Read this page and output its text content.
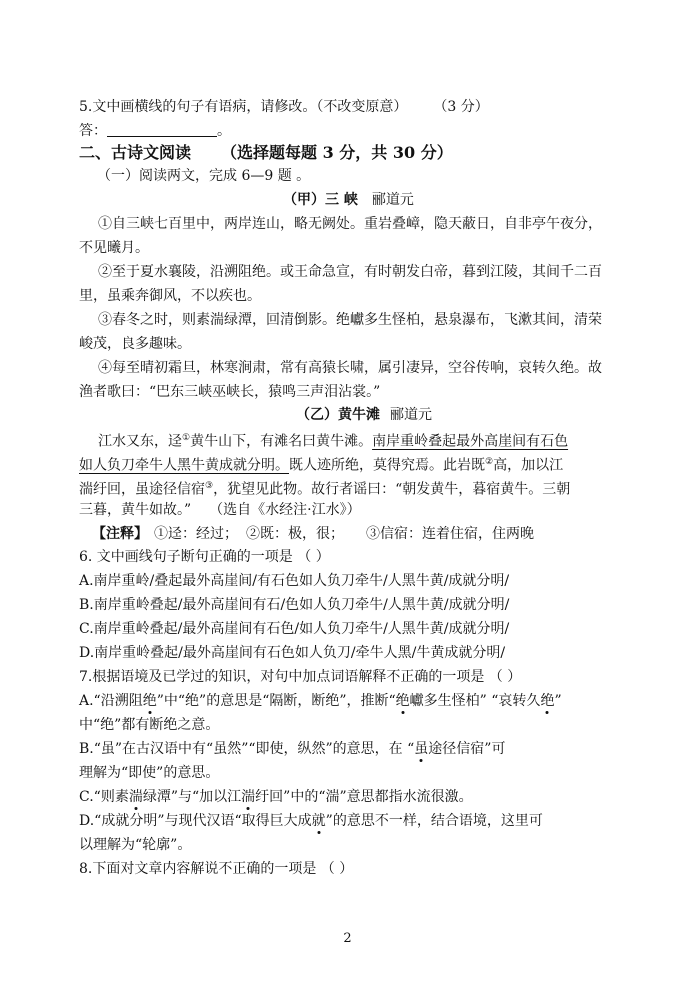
5.文中画横线的句子有语病，请修改。（不改变原意） （3 分）
答：	。
二、古诗文阅读 （选择题每题 3 分，共 30 分）
（一）阅读两文，完成 6—9 题 。
（甲）三 峡 郦道元
①自三峡七百里中，两岸连山，略无阙处。重岩叠嶂，隐天蔽日，自非亭午夜分，
不见曦月。
②至于夏水襄陵，沿溯阻绝。或王命急宣，有时朝发白帝，暮到江陵，其间千二百
里，虽乘奔御风，不以疾也。
③春冬之时，则素湍绿潭，回清倒影。绝巘多生怪柏，悬泉瀑布，飞漱其间，清荣
峻茂，良多趣味。
④每至晴初霜旦，林寒涧肃，常有高猿长啸，属引凄异，空谷传响，哀转久绝。故
渔者歌曰：“巴东三峡巫峡长，猿鸣三声泪沾裳。”
（乙）黄牛滩 郦道元
江水又东，迳①黄牛山下，有滩名曰黄牛滩。南岸重岭叠起最外高崖间有石色
如人负刀牵牛人黑牛黄成就分明。既人迹所绝，莫得究焉。此岩既②高，加以江
湍纡回，虽途径信宿③，犹望见此物。故行者谣曰：“朝发黄牛，暮宿黄牛。三朝
三暮，黄牛如故。” （选自《水经注·江水》）
【注释】 ①迳：经过； ②既：极，很； ③信宿：连着住宿，住两晚
6. 文中画线句子断句正确的一项是 （ ）
A.南岸重岭/叠起最外高崖间/有石色如人负刀牵牛/人黑牛黄/成就分明/
B.南岸重岭叠起/最外高崖间有石/色如人负刀牵牛/人黑牛黄/成就分明/
C.南岸重岭叠起/最外高崖间有石色/如人负刀牵牛/人黑牛黄/成就分明/
D.南岸重岭叠起/最外高崖间有石色如人负刀/牵牛人黑/牛黄成就分明/
7.根据语境及已学过的知识，对句中加点词语解释不正确的一项是 （ ）
A.“沿溯阻绝”中“绝”的意思是“隔断，断绝”，推断“绝巘多生怪柏” “哀转久绝”
中“绝”都有断绝之意。
B.“虽”在古汉语中有“虽然”“即使，纵然”的意思，在 “虽途径信宿”可
理解为“即使”的意思。
C.“则素湍绿潭”与“加以江湍纡回”中的“湍”意思都指水流很激。
D.“成就分明”与现代汉语“取得巨大成就”的意思不一样，结合语境，这里可
以理解为“轮廓”。
8.下面对文章内容解说不正确的一项是 （ ）
2
